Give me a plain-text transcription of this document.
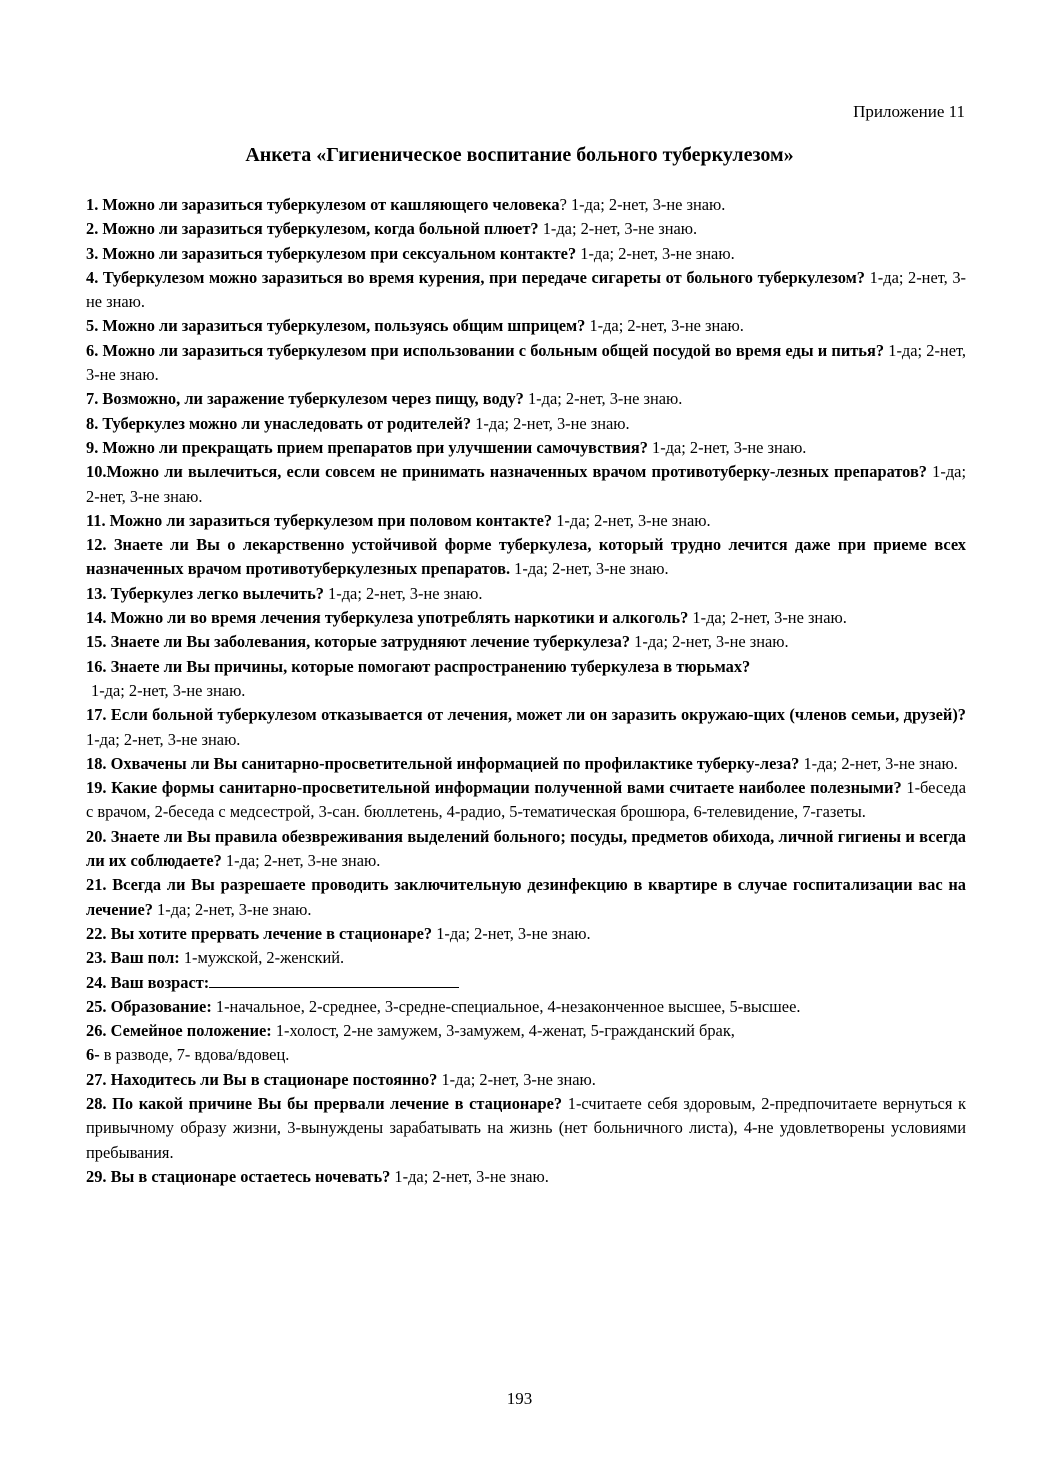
Приложение 11
Анкета «Гигиеническое воспитание больного туберкулезом»

1. Можно ли заразиться туберкулезом от кашляющего человека? 1-да; 2-нет, 3-не знаю.

2. Можно ли заразиться туберкулезом, когда больной плюет? 1-да; 2-нет, 3-не знаю.

3. Можно ли заразиться туберкулезом при сексуальном контакте? 1-да; 2-нет, 3-не знаю.

4. Туберкулезом можно заразиться во время курения, при передаче сигареты от больного туберкулезом? 1-да; 2-нет, 3-не знаю.

5. Можно ли заразиться туберкулезом, пользуясь общим шприцем? 1-да; 2-нет, 3-не знаю.

6. Можно ли заразиться туберкулезом при использовании с больным общей посудой во время еды и питья? 1-да; 2-нет, 3-не знаю.

7. Возможно, ли заражение туберкулезом через пищу, воду? 1-да; 2-нет, 3-не знаю.

8. Туберкулез можно ли унаследовать от родителей? 1-да; 2-нет, 3-не знаю.

9. Можно ли прекращать прием препаратов при улучшении самочувствия? 1-да; 2-нет, 3-не знаю.

10.Можно ли вылечиться, если совсем не принимать назначенных врачом противотуберку-лезных препаратов? 1-да; 2-нет, 3-не знаю.

11. Можно ли заразиться туберкулезом при половом контакте? 1-да; 2-нет, 3-не знаю.

12. Знаете ли Вы о лекарственно устойчивой форме туберкулеза, который трудно лечится даже при приеме всех назначенных врачом противотуберкулезных препаратов. 1-да; 2-нет, 3-не знаю.

13. Туберкулез легко вылечить? 1-да; 2-нет, 3-не знаю.

14. Можно ли во время лечения туберкулеза употреблять наркотики и алкоголь? 1-да; 2-нет, 3-не знаю.

15. Знаете ли Вы заболевания, которые затрудняют лечение туберкулеза? 1-да; 2-нет, 3-не знаю.

16. Знаете ли Вы причины, которые помогают распространению туберкулеза в тюрьмах?
1-да; 2-нет, 3-не знаю.

17. Если больной туберкулезом отказывается от лечения, может ли он заразить окружаю-щих (членов семьи, друзей)? 1-да; 2-нет, 3-не знаю.

18. Охвачены ли Вы санитарно-просветительной информацией по профилактике туберку-леза? 1-да; 2-нет, 3-не знаю.

19. Какие формы санитарно-просветительной информации полученной вами считаете наиболее полезными? 1-беседа с врачом, 2-беседа с медсестрой, 3-сан. бюллетень, 4-радио, 5-тематическая брошюра, 6-телевидение, 7-газеты.

20. Знаете ли Вы правила обезвреживания выделений больного; посуды, предметов обихода, личной гигиены и всегда ли их соблюдаете? 1-да; 2-нет, 3-не знаю.

21. Всегда ли Вы разрешаете проводить заключительную дезинфекцию в квартире в случае госпитализации вас на лечение? 1-да; 2-нет, 3-не знаю.

22. Вы хотите прервать лечение в стационаре? 1-да; 2-нет, 3-не знаю.

23. Ваш пол: 1-мужской, 2-женский.

24. Ваш возраст:

25. Образование: 1-начальное, 2-среднее, 3-средне-специальное, 4-незаконченное высшее, 5-высшее.

26. Семейное положение: 1-холост, 2-не замужем, 3-замужем, 4-женат, 5-гражданский брак,

6- в разводе, 7- вдова/вдовец.

27. Находитесь ли Вы в стационаре постоянно? 1-да; 2-нет, 3-не знаю.

28. По какой причине Вы бы прервали лечение в стационаре? 1-считаете себя здоровым, 2-предпочитаете вернуться к привычному образу жизни, 3-вынуждены зарабатывать на жизнь (нет больничного листа), 4-не удовлетворены условиями пребывания.

29. Вы в стационаре остаетесь ночевать? 1-да; 2-нет, 3-не знаю.

193
